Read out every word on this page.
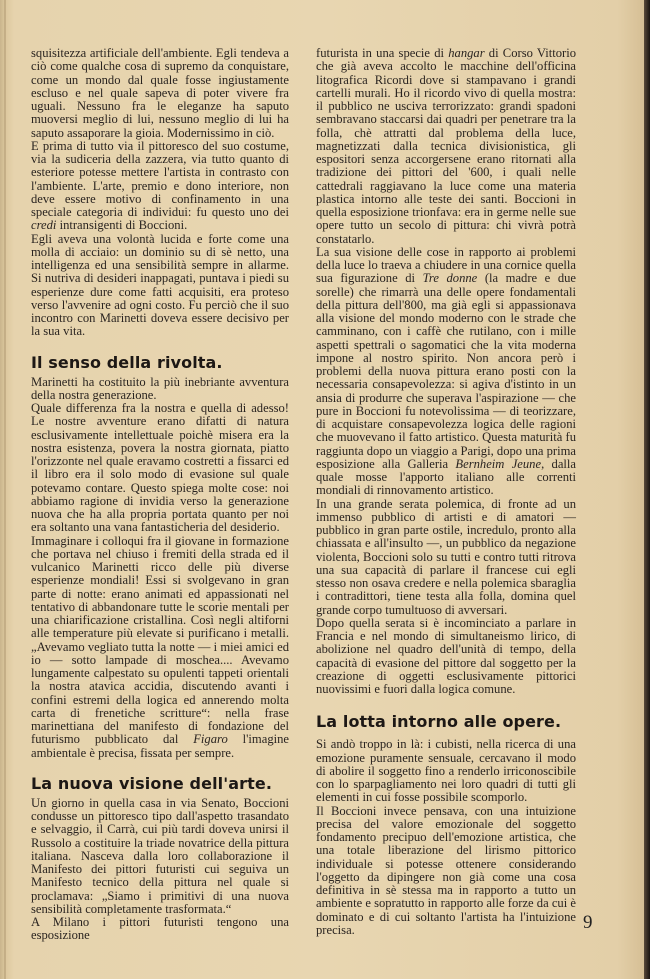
squisitezza artificiale dell'ambiente. Egli tendeva a ciò come qualche cosa di supremo da conquistare, come un mondo dal quale fosse ingiustamente escluso e nel quale sapeva di poter vivere fra uguali. Nessuno fra le eleganze ha saputo muoversi meglio di lui, nessuno meglio di lui ha saputo assaporare la gioia. Modernissimo in ciò.

E prima di tutto via il pittoresco del suo costume, via la sudiceria della zazzera, via tutto quanto di esteriore potesse mettere l'artista in contrasto con l'ambiente. L'arte, premio e dono interiore, non deve essere motivo di confinamento in una speciale categoria di individui: fu questo uno dei credi intransigenti di Boccioni.

Egli aveva una volontà lucida e forte come una molla di acciaio: un dominio su di sè netto, una intelligenza ed una sensibilità sempre in allarme. Si nutriva di desideri inappagati, puntava i piedi su esperienze dure come fatti acquisiti, era proteso verso l'avvenire ad ogni costo. Fu perciò che il suo incontro con Marinetti doveva essere decisivo per la sua vita.

Il senso della rivolta.

Marinetti ha costituito la più inebriante avventura della nostra generazione.

Quale differenza fra la nostra e quella di adesso! Le nostre avventure erano difatti di natura esclusivamente intellettuale poichè misera era la nostra esistenza, povera la nostra giornata, piatto l'orizzonte nel quale eravamo costretti a fissarci ed il libro era il solo modo di evasione sul quale potevamo contare. Questo spiega molte cose: noi abbiamo ragione di invidia verso la generazione nuova che ha alla propria portata quanto per noi era soltanto una vana fantasticheria del desiderio.

Immaginare i colloqui fra il giovane in formazione che portava nel chiuso i fremiti della strada ed il vulcanico Marinetti ricco delle più diverse esperienze mondiali! Essi si svolgevano in gran parte di notte: erano animati ed appassionati nel tentativo di abbandonare tutte le scorie mentali per una chiarificazione cristallina. Così negli altiforni alle temperature più elevate si purificano i metalli. „Avevamo vegliato tutta la notte — i miei amici ed io — sotto lampade di moschea.... Avevamo lungamente calpestato su opulenti tappeti orientali la nostra atavica accidia, discutendo avanti i confini estremi della logica ed annerendo molta carta di frenetiche scritture“: nella frase marinettiana del manifesto di fondazione del futurismo pubblicato dal Figaro l'imagine ambientale è precisa, fissata per sempre.

La nuova visione dell'arte.

Un giorno in quella casa in via Senato, Boccioni condusse un pittoresco tipo dall'aspetto trasandato e selvaggio, il Carrà, cui più tardi doveva unirsi il Russolo a costituire la triade novatrice della pittura italiana. Nasceva dalla loro collaborazione il Manifesto dei pittori futuristi cui seguiva un Manifesto tecnico della pittura nel quale si proclamava: „Siamo i primitivi di una nuova sensibilità completamente trasformata.“

A Milano i pittori futuristi tengono una esposizione

futurista in una specie di hangar di Corso Vittorio che già aveva accolto le macchine dell'officina litografica Ricordi dove si stampavano i grandi cartelli murali. Ho il ricordo vivo di quella mostra: il pubblico ne usciva terrorizzato: grandi spadoni sembravano staccarsi dai quadri per penetrare tra la folla, chè attratti dal problema della luce, magnetizzati dalla tecnica divisionistica, gli espositori senza accorgersene erano ritornati alla tradizione dei pittori del '600, i quali nelle cattedrali raggiavano la luce come una materia plastica intorno alle teste dei santi. Boccioni in quella esposizione trionfava: era in germe nelle sue opere tutto un secolo di pittura: chi vivrà potrà constatarlo.

La sua visione delle cose in rapporto ai problemi della luce lo traeva a chiudere in una cornice quella sua figurazione di Tre donne (la madre e due sorelle) che rimarrà una delle opere fondamentali della pittura dell'800, ma già egli si appassionava alla visione del mondo moderno con le strade che camminano, con i caffè che rutilano, con i mille aspetti spettrali o sagomatici che la vita moderna impone al nostro spirito. Non ancora però i problemi della nuova pittura erano posti con la necessaria consapevolezza: si agiva d'istinto in un ansia di produrre che superava l'aspirazione — che pure in Boccioni fu notevolissima — di teorizzare, di acquistare consapevolezza logica delle ragioni che muovevano il fatto artistico. Questa maturità fu raggiunta dopo un viaggio a Parigi, dopo una prima esposizione alla Galleria Bernheim Jeune, dalla quale mosse l'apporto italiano alle correnti mondiali di rinnovamento artistico.

In una grande serata polemica, di fronte ad un immenso pubblico di artisti e di amatori — pubblico in gran parte ostile, incredulo, pronto alla chiassata e all'insulto —, un pubblico da negazione violenta, Boccioni solo su tutti e contro tutti ritrova una sua capacità di parlare il francese cui egli stesso non osava credere e nella polemica sbaraglia i contradittori, tiene testa alla folla, domina quel grande corpo tumultuoso di avversari.

Dopo quella serata si è incominciato a parlare in Francia e nel mondo di simultaneismo lirico, di abolizione nel quadro dell'unità di tempo, della capacità di evasione del pittore dal soggetto per la creazione di oggetti esclusivamente pittorici nuovissimi e fuori dalla logica comune.

La lotta intorno alle opere.

Si andò troppo in là: i cubisti, nella ricerca di una emozione puramente sensuale, cercavano il modo di abolire il soggetto fino a renderlo irriconoscibile con lo sparpagliamento nei loro quadri di tutti gli elementi in cui fosse possibile scomporlo.

Il Boccioni invece pensava, con una intuizione precisa del valore emozionale del soggetto fondamento precipuo dell'emozione artistica, che una totale liberazione del lirismo pittorico individuale si potesse ottenere considerando l'oggetto da dipingere non già come una cosa definitiva in sè stessa ma in rapporto a tutto un ambiente e sopratutto in rapporto alle forze da cui è dominato e di cui soltanto l'artista ha l'intuizione precisa.	9
